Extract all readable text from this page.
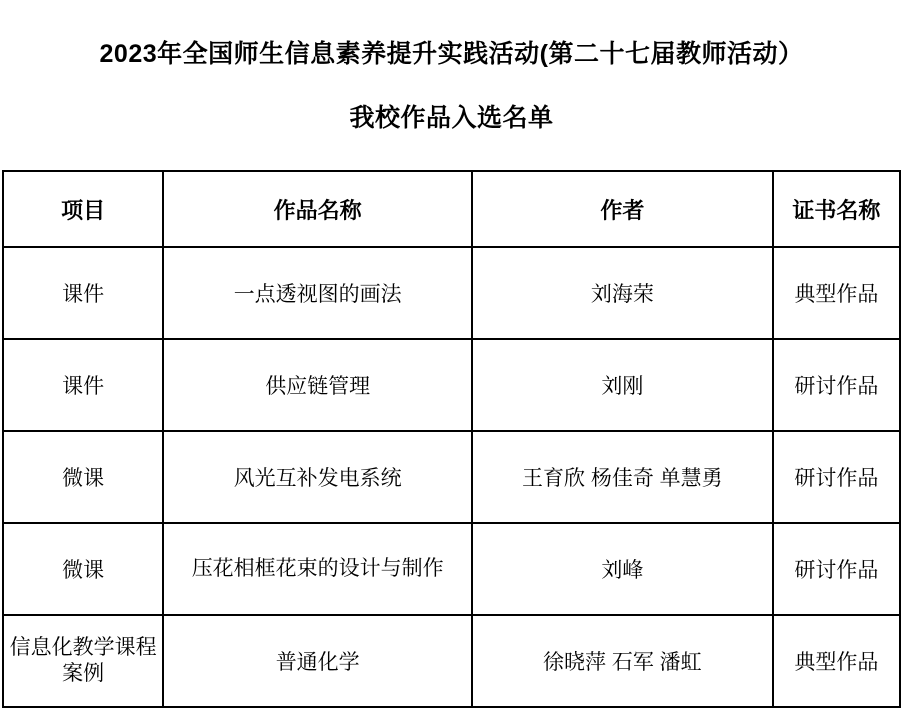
2023年全国师生信息素养提升实践活动(第二十七届教师活动）

我校作品入选名单

项目	作品名称	作者	证书名称
课件	一点透视图的画法	刘海荣	典型作品
课件	供应链管理	刘刚	研讨作品
微课	风光互补发电系统	王育欣 杨佳奇 单慧勇	研讨作品
微课	压花相框花束的设计与制作	刘峰	研讨作品
信息化教学课程案例	普通化学	徐晓萍 石军 潘虹	典型作品
